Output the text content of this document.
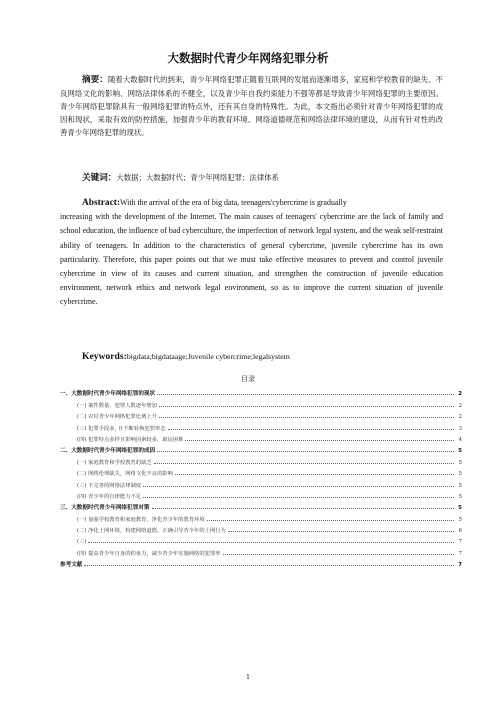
大数据时代青少年网络犯罪分析
摘要：随着大数据时代的到来，青少年网络犯罪正随着互联网的发展而逐渐增多，家庭和学校教育的缺失、不良网络文化的影响、网络法律体系的不健全，以及青少年自我约束能力不强等都是导致青少年网络犯罪的主要原因。青少年网络犯罪除具有一般网络犯罪的特点外，还有其自身的特殊性。为此，本文指出必须针对青少年网络犯罪的成因和现状，采取有效的防控措施，加强青少年的教育环境、网络道德规范和网络法律环境的建设，从而有针对性的改善青少年网络犯罪的现状。
关键词：大数据；大数据时代；青少年网络犯罪；法律体系
Abstract:With the arrival of the era of big data, teenagers'cybercrime is gradually
increasing with the development of the Internet. The main causes of teenagers' cybercrime are the lack of family and school education, the influence of bad cyberculture, the imperfection of network legal system, and the weak self-restraint ability of teenagers. In addition to the characteristics of general cybercrime, juvenile cybercrime has its own particularity. Therefore, this paper points out that we must take effective measures to prevent and control juvenile cybercrime in view of its causes and current situation, and strengthen the construction of juvenile education environment, network ethics and network legal environment, so as to improve the current situation of juvenile cybercrime.
Keywords:bigdata;bigdataage;Juvenile cybercrime;legalsystem
目录
一、大数据时代青少年网络犯罪的现状	2
(一) 案件数量、犯罪人数逐年增加	2
(二) 农村青少年网络犯罪比例上升	2
(三) 犯罪手段多, 且不断转换犯罪形态	3
(四) 犯罪特点多样且影响因素较多，取证困难	4
二、大数据时代青少年网络犯罪的成因	5
(一) 家庭教育和学校教育的缺乏	5
(二) 网络伦理缺失，网络文化不良的影响	5
(三) 不完善的网络法律制度	5
(四) 青少年的自律能力不足	5
三、大数据时代青少年网络犯罪对策	5
(一) 加强学校教育和家庭教育，净化青少年的教育环境	5
(二) 净化上网环境，构建网络道德，正确引导青少年的上网行为	6
(三)	7
(四) 提高青少年自身的约束力，减少青少年实施网络的犯罪率	7
参考文献	7
1
